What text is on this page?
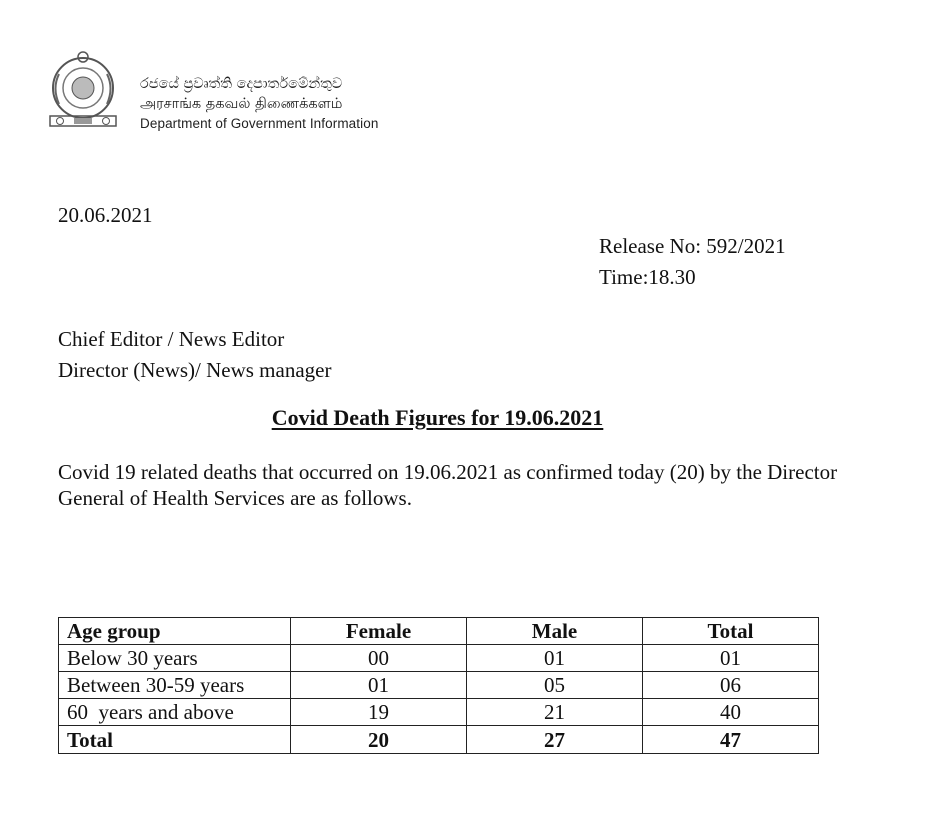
රජයේ ප්‍රවෘත්ති දෙපාර්තමේන්තුව
அரசாங்க தகவல் திணைக்களம்
Department of Government Information
20.06.2021
Release No: 592/2021
Time:18.30
Chief Editor / News Editor
Director (News)/ News manager
Covid Death Figures for 19.06.2021
Covid 19 related deaths that occurred on 19.06.2021 as confirmed today (20) by the Director General of Health Services are as follows.
Age group	Female	Male	Total
Below 30 years	00	01	01
Between 30-59 years	01	05	06
60  years and above	19	21	40
Total	20	27	47
